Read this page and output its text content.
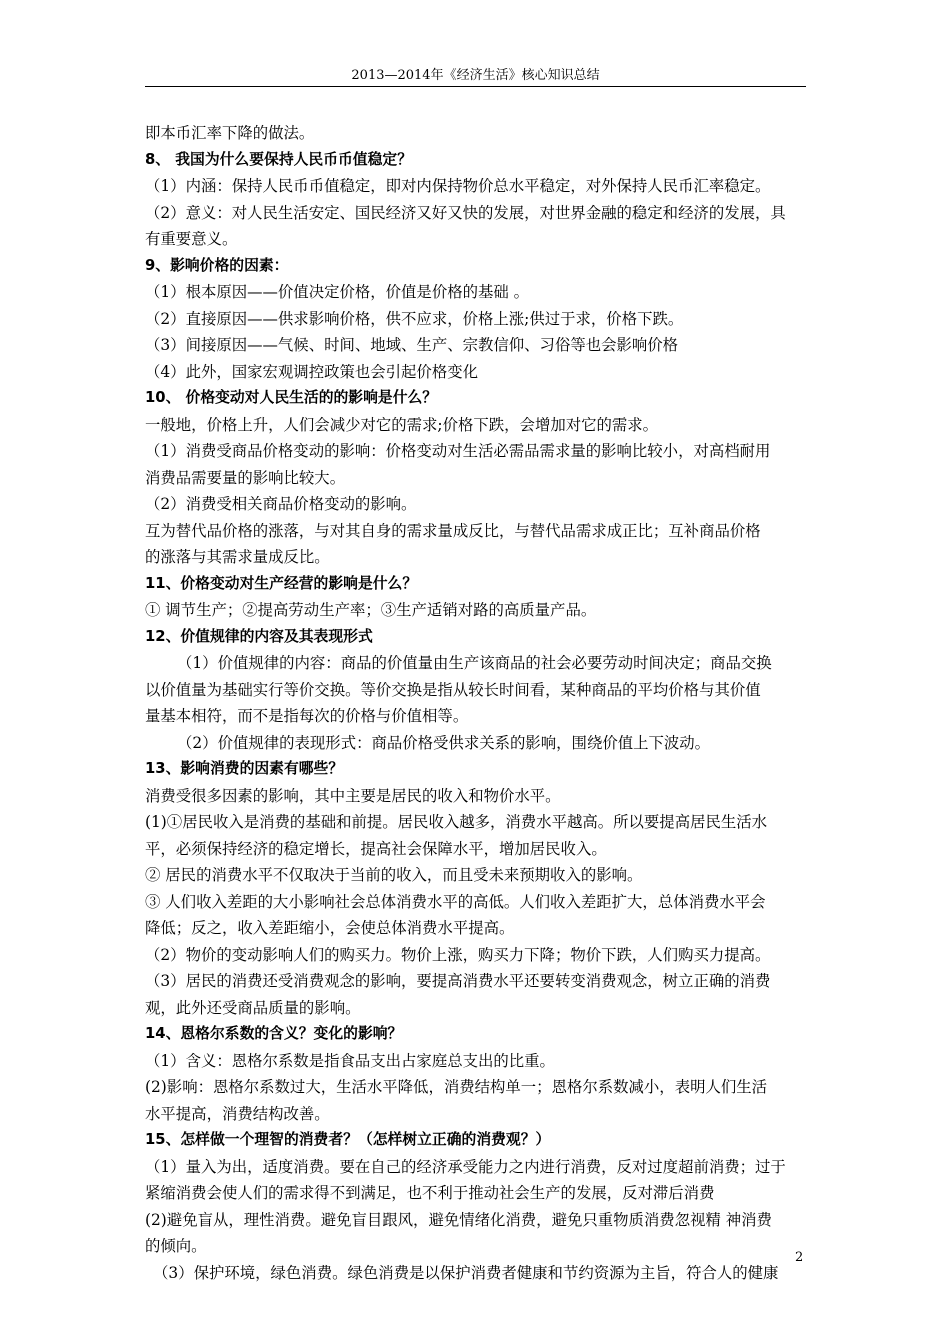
2013—2014年《经济生活》核心知识总结
即本币汇率下降的做法。
8、 我国为什么要保持人民币币值稳定？
（1）内涵：保持人民币币值稳定，即对内保持物价总水平稳定，对外保持人民币汇率稳定。
（2）意义：对人民生活安定、国民经济又好又快的发展，对世界金融的稳定和经济的发展，具
有重要意义。
9、影响价格的因素：
（1）根本原因——价值决定价格，价值是价格的基础 。
（2）直接原因——供求影响价格，供不应求，价格上涨;供过于求，价格下跌。
（3）间接原因——气候、时间、地域、生产、宗教信仰、习俗等也会影响价格
（4）此外，国家宏观调控政策也会引起价格变化
10、 价格变动对人民生活的的影响是什么？
一般地，价格上升，人们会减少对它的需求;价格下跌，会增加对它的需求。
（1）消费受商品价格变动的影响：价格变动对生活必需品需求量的影响比较小，对高档耐用
消费品需要量的影响比较大。
（2）消费受相关商品价格变动的影响。
互为替代品价格的涨落，与对其自身的需求量成反比，与替代品需求成正比；互补商品价格
的涨落与其需求量成反比。
11、价格变动对生产经营的影响是什么？
① 调节生产；②提高劳动生产率；③生产适销对路的高质量产品。
12、价值规律的内容及其表现形式
（1）价值规律的内容：商品的价值量由生产该商品的社会必要劳动时间决定；商品交换
以价值量为基础实行等价交换。等价交换是指从较长时间看，某种商品的平均价格与其价值
量基本相符，而不是指每次的价格与价值相等。
（2）价值规律的表现形式：商品价格受供求关系的影响，围绕价值上下波动。
13、影响消费的因素有哪些？
消费受很多因素的影响，其中主要是居民的收入和物价水平。
(1)①居民收入是消费的基础和前提。居民收入越多，消费水平越高。所以要提高居民生活水
平，必须保持经济的稳定增长，提高社会保障水平，增加居民收入。
② 居民的消费水平不仅取决于当前的收入，而且受未来预期收入的影响。
③ 人们收入差距的大小影响社会总体消费水平的高低。人们收入差距扩大，总体消费水平会
降低；反之，收入差距缩小，会使总体消费水平提高。
（2）物价的变动影响人们的购买力。物价上涨，购买力下降；物价下跌，人们购买力提高。
（3）居民的消费还受消费观念的影响，要提高消费水平还要转变消费观念，树立正确的消费
观，此外还受商品质量的影响。
14、恩格尔系数的含义？变化的影响？
（1）含义：恩格尔系数是指食品支出占家庭总支出的比重。
(2)影响：恩格尔系数过大，生活水平降低，消费结构单一；恩格尔系数减小，表明人们生活
水平提高，消费结构改善。
15、怎样做一个理智的消费者？（怎样树立正确的消费观？）
（1）量入为出，适度消费。要在自己的经济承受能力之内进行消费，反对过度超前消费；过于
紧缩消费会使人们的需求得不到满足，也不利于推动社会生产的发展，反对滞后消费
(2)避免盲从，理性消费。避免盲目跟风，避免情绪化消费，避免只重物质消费忽视精 神消费
的倾向。
（3）保护环境，绿色消费。绿色消费是以保护消费者健康和节约资源为主旨，符合人的健康
2
